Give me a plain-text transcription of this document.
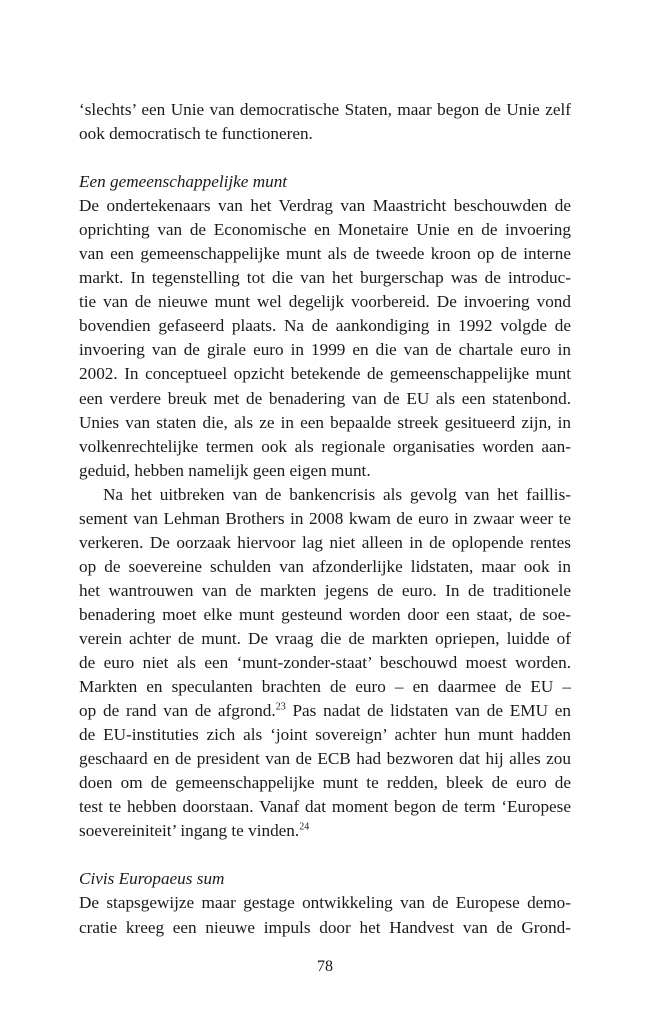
‘slechts’ een Unie van democratische Staten, maar begon de Unie zelf
ook democratisch te functioneren.
Een gemeenschappelijke munt
De ondertekenaars van het Verdrag van Maastricht beschouwden de
oprichting van de Economische en Monetaire Unie en de invoering
van een gemeenschappelijke munt als de tweede kroon op de interne
markt. In tegenstelling tot die van het burgerschap was de introduc-
tie van de nieuwe munt wel degelijk voorbereid. De invoering vond
bovendien gefaseerd plaats. Na de aankondiging in 1992 volgde de
invoering van de girale euro in 1999 en die van de chartale euro in
2002. In conceptueel opzicht betekende de gemeenschappelijke munt
een verdere breuk met de benadering van de EU als een statenbond.
Unies van staten die, als ze in een bepaalde streek gesitueerd zijn, in
volkenrechtelijke termen ook als regionale organisaties worden aan-
geduid, hebben namelijk geen eigen munt.
Na het uitbreken van de bankencrisis als gevolg van het faillis-
sement van Lehman Brothers in 2008 kwam de euro in zwaar weer te
verkeren. De oorzaak hiervoor lag niet alleen in de oplopende rentes
op de soevereine schulden van afzonderlijke lidstaten, maar ook in
het wantrouwen van de markten jegens de euro. In de traditionele
benadering moet elke munt gesteund worden door een staat, de soe-
verein achter de munt. De vraag die de markten opriepen, luidde of
de euro niet als een ‘munt-zonder-staat’ beschouwd moest worden.
Markten en speculanten brachten de euro – en daarmee de EU –
op de rand van de afgrond.$^{23}$ Pas nadat de lidstaten van de EMU en
de EU-instituties zich als ‘joint sovereign’ achter hun munt hadden
geschaard en de president van de ECB had bezworen dat hij alles zou
doen om de gemeenschappelijke munt te redden, bleek de euro de
test te hebben doorstaan. Vanaf dat moment begon de term ‘Europese
soevereiniteit’ ingang te vinden.$^{24}$
Civis Europaeus sum
De stapsgewijze maar gestage ontwikkeling van de Europese demo-
cratie kreeg een nieuwe impuls door het Handvest van de Grond-
78
